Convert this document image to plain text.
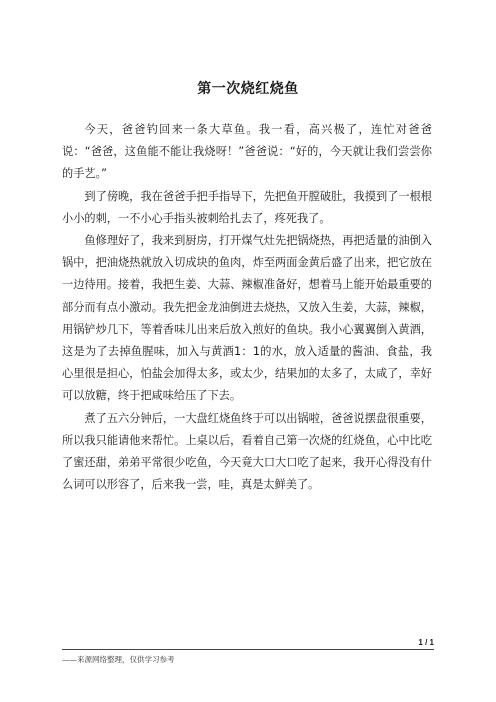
第一次烧红烧鱼

今天，爸爸钓回来一条大草鱼。我一看，高兴极了，连忙对爸爸说：“爸爸，这鱼能不能让我烧呀！”爸爸说：“好的，今天就让我们尝尝你的手艺。”

到了傍晚，我在爸爸手把手指导下，先把鱼开膛破肚，我摸到了一根根小小的刺，一不小心手指头被刺给扎去了，疼死我了。

鱼修理好了，我来到厨房，打开煤气灶先把锅烧热，再把适量的油倒入锅中，把油烧热就放入切成块的鱼肉，炸至两面金黄后盛了出来，把它放在一边待用。接着，我把生姜、大蒜、辣椒准备好，想着马上能开始最重要的部分而有点小激动。我先把金龙油倒进去烧热，又放入生姜，大蒜，辣椒，用锅铲炒几下，等着香味儿出来后放入煎好的鱼块。我小心翼翼倒入黄酒，这是为了去掉鱼腥味，加入与黄酒1：1的水，放入适量的酱油、食盐，我心里很是担心，怕盐会加得太多，或太少，结果加的太多了，太咸了，幸好可以放糖，终于把咸味给压了下去。

煮了五六分钟后，一大盘红烧鱼终于可以出锅啦，爸爸说摆盘很重要，所以我只能请他来帮忙。上桌以后，看着自己第一次烧的红烧鱼，心中比吃了蜜还甜，弟弟平常很少吃鱼，今天竟大口大口吃了起来，我开心得没有什么词可以形容了，后来我一尝，哇，真是太鲜美了。

1 / 1
——来源网络整理，仅供学习参考
